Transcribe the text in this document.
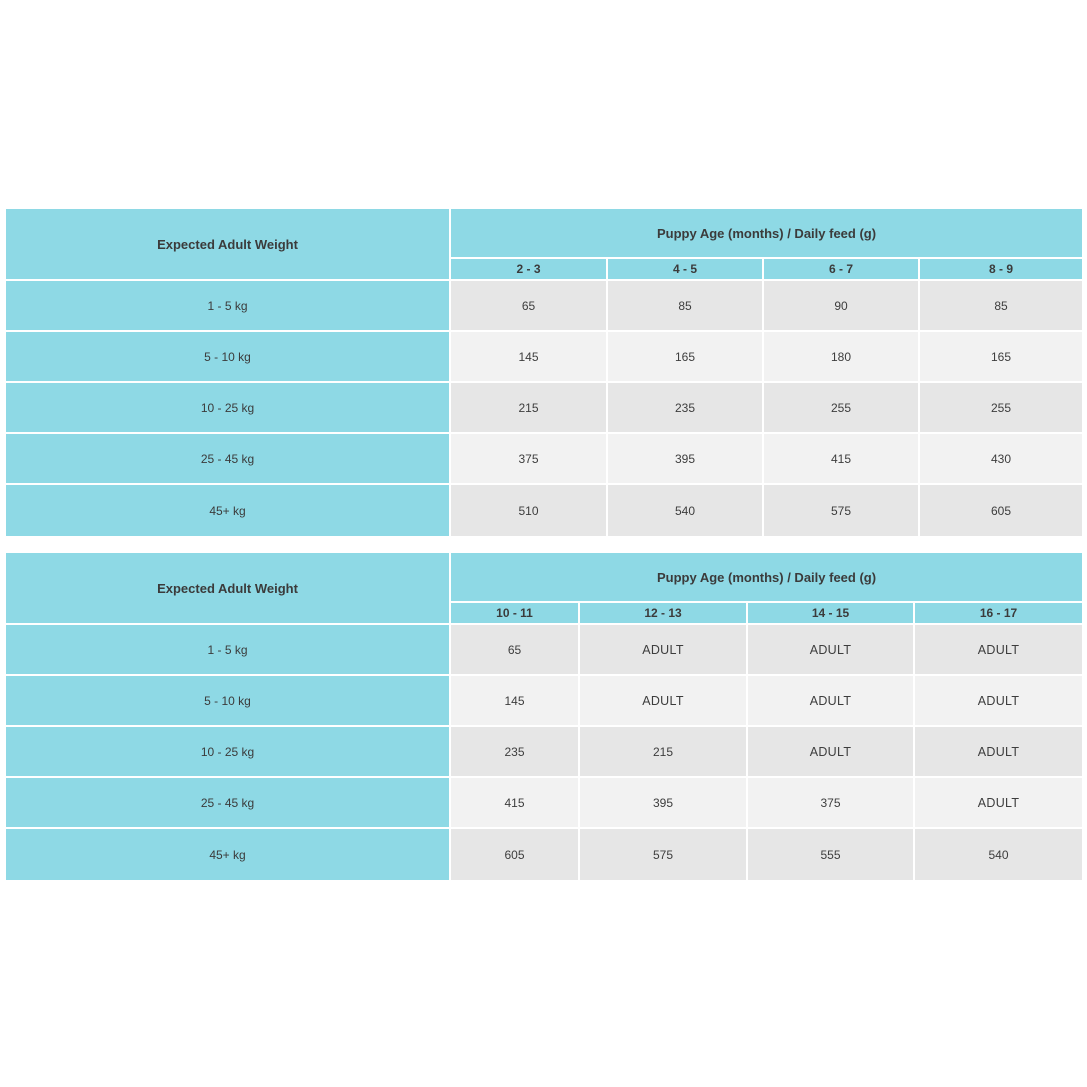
Expected Adult Weight	Puppy Age (months) / Daily feed (g)			
	2 - 3	4 - 5	6 - 7	8 - 9
1 - 5 kg	65	85	90	85
5 - 10 kg	145	165	180	165
10 - 25 kg	215	235	255	255
25 - 45 kg	375	395	415	430
45+ kg	510	540	575	605
Expected Adult Weight	Puppy Age (months) / Daily feed (g)			
	10 - 11	12 - 13	14 - 15	16 - 17
1 - 5 kg	65	ADULT	ADULT	ADULT
5 - 10 kg	145	ADULT	ADULT	ADULT
10 - 25 kg	235	215	ADULT	ADULT
25 - 45 kg	415	395	375	ADULT
45+ kg	605	575	555	540
